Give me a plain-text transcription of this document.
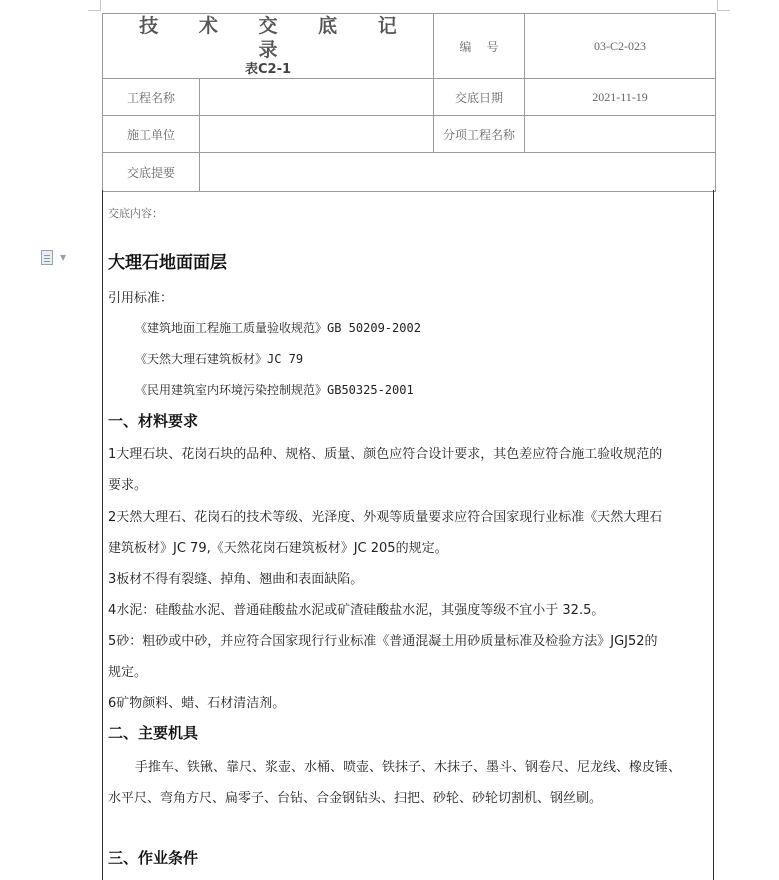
▼
技 术 交 底 记 录
表C2-1		编    号	03-C2-023
工程名称		交底日期	2021-11-19
施工单位		分项工程名称	
交底提要			
交底内容：
大理石地面面层
引用标准：
《建筑地面工程施工质量验收规范》GB 50209-2002
《天然大理石建筑板材》JC 79
《民用建筑室内环境污染控制规范》GB50325-2001
一、材料要求
1大理石块、花岗石块的品种、规格、质量、颜色应符合设计要求，其色差应符合施工验收规范的
要求。
2天然大理石、花岗石的技术等级、光泽度、外观等质量要求应符合国家现行业标准《天然大理石
建筑板材》JC 79,《天然花岗石建筑板材》JC 205的规定。
3板材不得有裂缝、掉角、翘曲和表面缺陷。
4水泥：硅酸盐水泥、普通硅酸盐水泥或矿渣硅酸盐水泥，其强度等级不宜小于 32.5。
5砂：粗砂或中砂，并应符合国家现行行业标准《普通混凝土用砂质量标准及检验方法》JGJ52的
规定。
6矿物颜料、蜡、石材清洁剂。
二、主要机具
手推车、铁锹、靠尺、浆壶、水桶、喷壶、铁抹子、木抹子、墨斗、钢卷尺、尼龙线、橡皮锤、
水平尺、弯角方尺、扁零子、台钻、合金钢钻头、扫把、砂轮、砂轮切割机、钢丝刷。
三、作业条件
